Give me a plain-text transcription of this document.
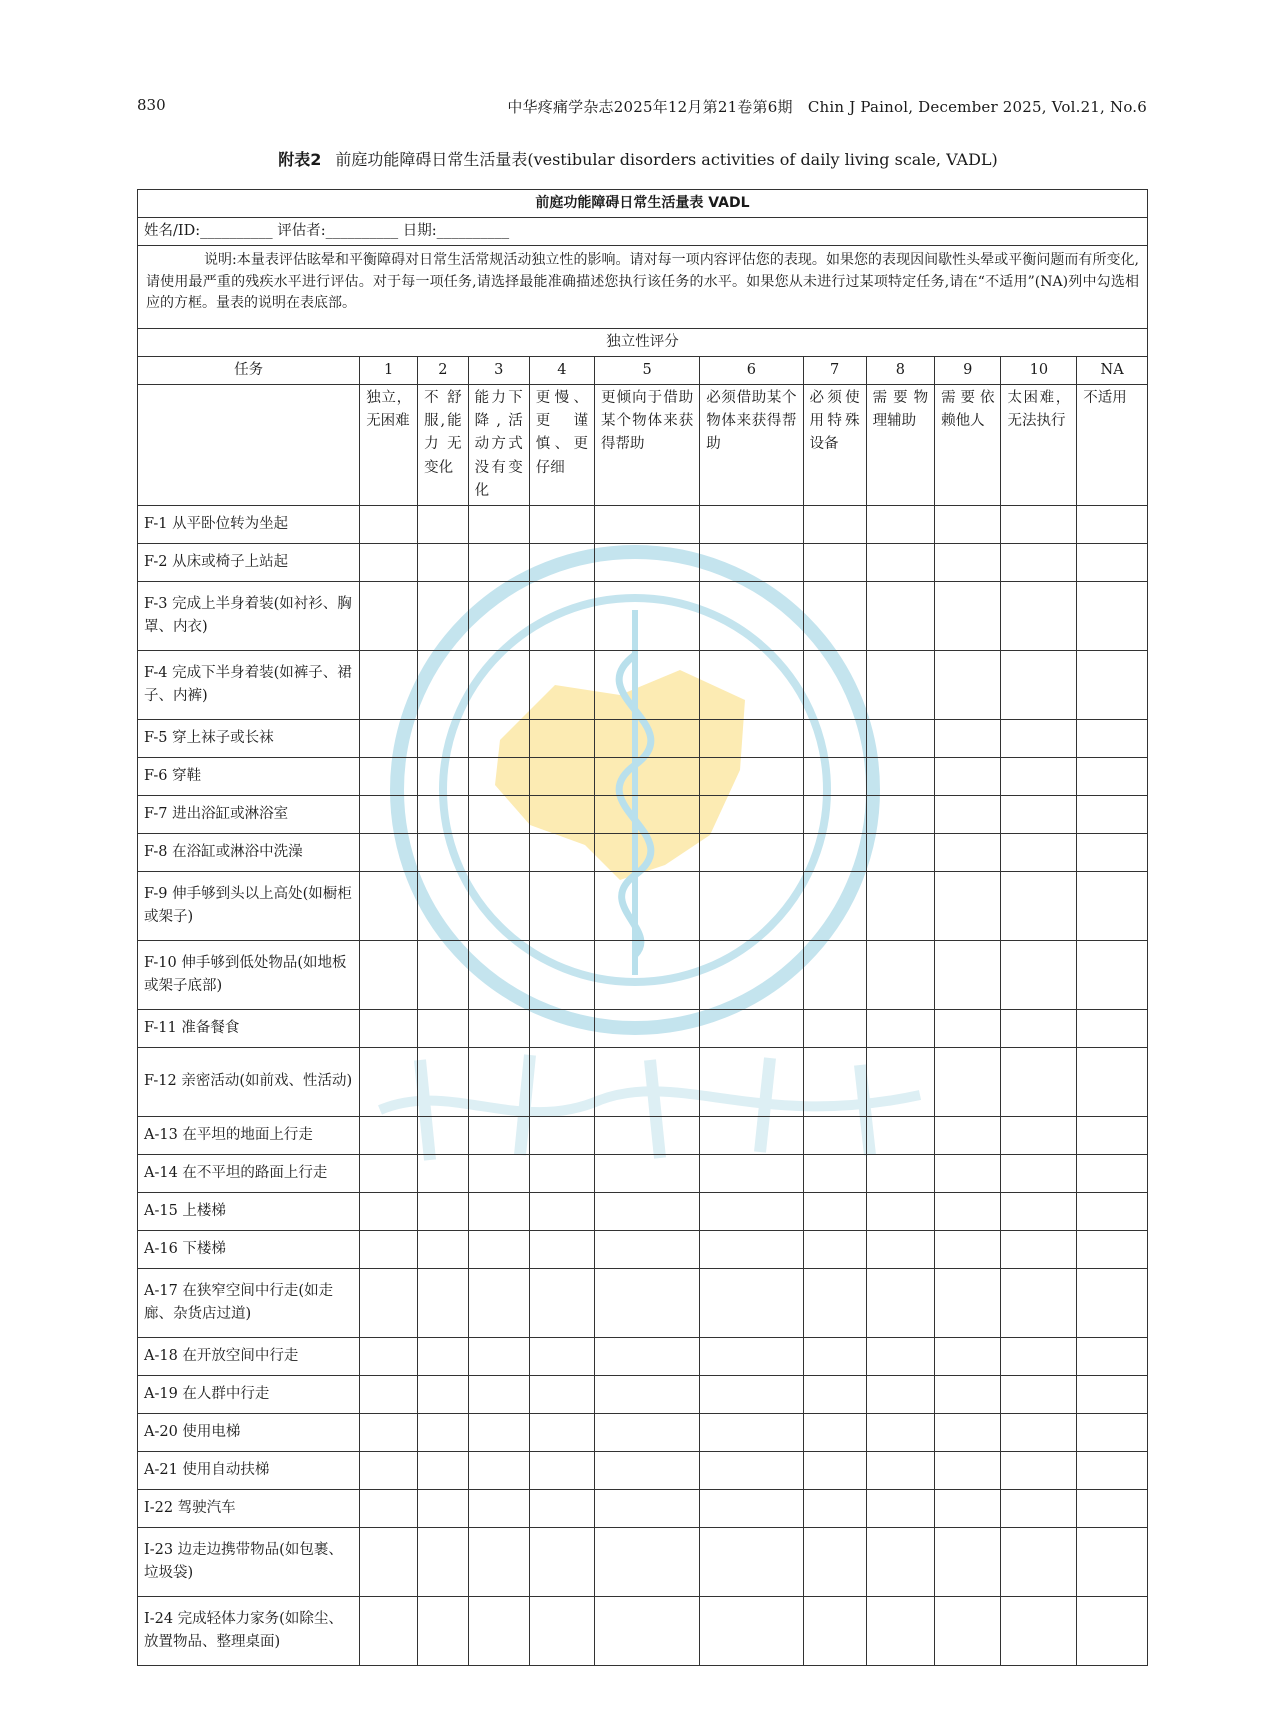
830	中华疼痛学杂志2025年12月第21卷第6期　Chin J Painol, December 2025, Vol.21, No.6
附表2 前庭功能障碍日常生活量表(vestibular disorders activities of daily living scale, VADL)
前庭功能障碍日常生活量表 VADL											
姓名/ID:__________ 评估者:__________ 日期:__________											

说明:本量表评估眩晕和平衡障碍对日常生活常规活动独立性的影响。请对每一项内容评估您的表现。如果您的表现因间歇性头晕或平衡问题而有所变化,请使用最严重的残疾水平进行评估。对于每一项任务,请选择最能准确描述您执行该任务的水平。如果您从未进行过某项特定任务,请在“不适用”(NA)列中勾选相应的方框。量表的说明在表底部。											

独立性评分											
任务	1	2	3	4	5	6	7	8	9	10	NA
	独立，无困难	不舒服,能力无变化	能力下降,活动方式没有变化	更慢、更谨慎、更仔细	更倾向于借助某个物体来获得帮助	必须借助某个物体来获得帮助	必须使用特殊设备	需要物理辅助	需要依赖他人	太困难，无法执行	不适用
F-1 从平卧位转为坐起											
F-2 从床或椅子上站起											
F-3 完成上半身着装(如衬衫、胸罩、内衣)											
F-4 完成下半身着装(如裤子、裙子、内裤)											
F-5 穿上袜子或长袜											
F-6 穿鞋											
F-7 进出浴缸或淋浴室											
F-8 在浴缸或淋浴中洗澡											
F-9 伸手够到头以上高处(如橱柜或架子)											
F-10 伸手够到低处物品(如地板或架子底部)											
F-11 准备餐食											
F-12 亲密活动(如前戏、性活动)											
A-13 在平坦的地面上行走											
A-14 在不平坦的路面上行走											
A-15 上楼梯											
A-16 下楼梯											
A-17 在狭窄空间中行走(如走廊、杂货店过道)											
A-18 在开放空间中行走											
A-19 在人群中行走											
A-20 使用电梯											
A-21 使用自动扶梯											
I-22 驾驶汽车											
I-23 边走边携带物品(如包裹、垃圾袋)											
I-24 完成轻体力家务(如除尘、放置物品、整理桌面)											
